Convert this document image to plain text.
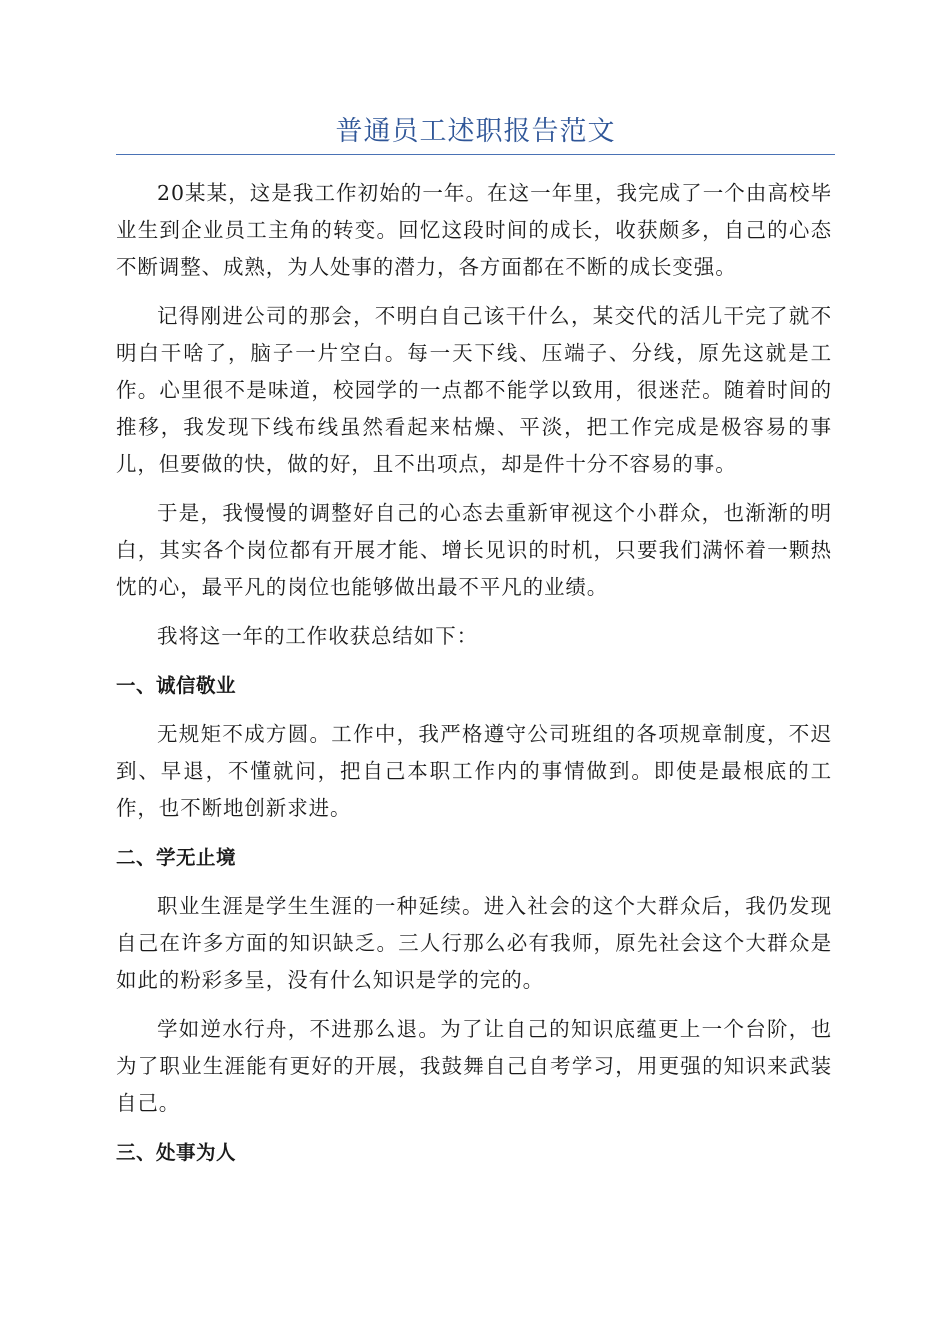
普通员工述职报告范文

20某某，这是我工作初始的一年。在这一年里，我完成了一个由高校毕业生到企业员工主角的转变。回忆这段时间的成长，收获颇多，自己的心态不断调整、成熟，为人处事的潜力，各方面都在不断的成长变强。

记得刚进公司的那会，不明白自己该干什么，某交代的活儿干完了就不明白干啥了，脑子一片空白。每一天下线、压端子、分线，原先这就是工作。心里很不是味道，校园学的一点都不能学以致用，很迷茫。随着时间的推移，我发现下线布线虽然看起来枯燥、平淡，把工作完成是极容易的事儿，但要做的快，做的好，且不出项点，却是件十分不容易的事。

于是，我慢慢的调整好自己的心态去重新审视这个小群众，也渐渐的明白，其实各个岗位都有开展才能、增长见识的时机，只要我们满怀着一颗热忱的心，最平凡的岗位也能够做出最不平凡的业绩。

我将这一年的工作收获总结如下：

一、诚信敬业

无规矩不成方圆。工作中，我严格遵守公司班组的各项规章制度，不迟到、早退，不懂就问，把自己本职工作内的事情做到。即使是最根底的工作，也不断地创新求进。

二、学无止境

职业生涯是学生生涯的一种延续。进入社会的这个大群众后，我仍发现自己在许多方面的知识缺乏。三人行那么必有我师，原先社会这个大群众是如此的粉彩多呈，没有什么知识是学的完的。

学如逆水行舟，不进那么退。为了让自己的知识底蕴更上一个台阶，也为了职业生涯能有更好的开展，我鼓舞自己自考学习，用更强的知识来武装自己。

三、处事为人
